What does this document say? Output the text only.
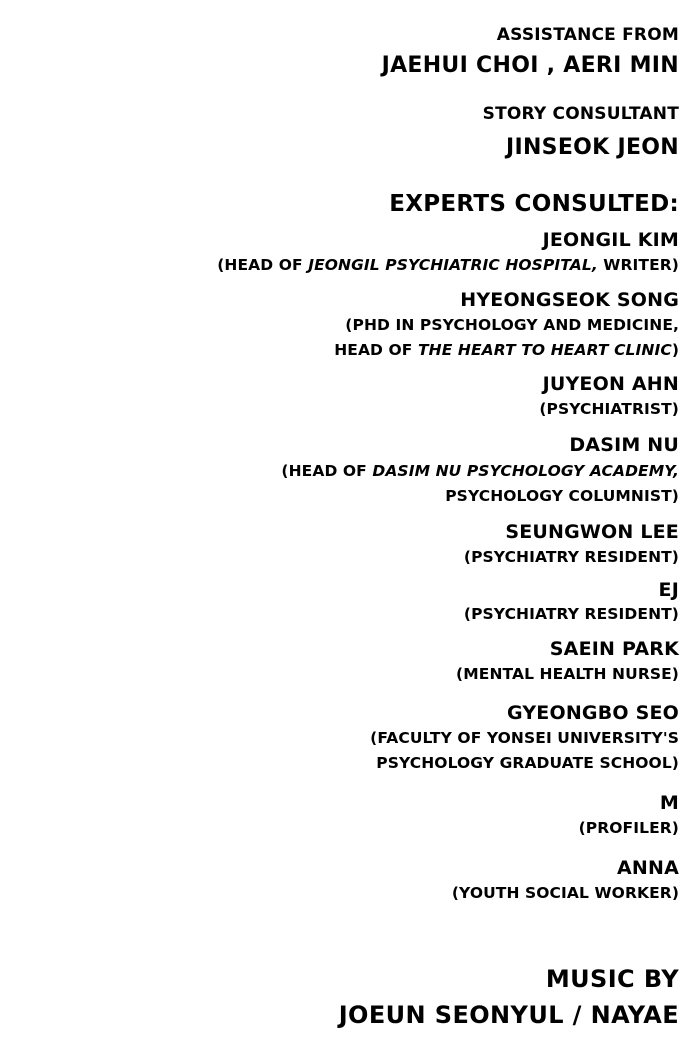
ASSISTANCE FROM
JAEHUI CHOI , AERI MIN
STORY CONSULTANT
JINSEOK JEON
EXPERTS CONSULTED:
JEONGIL KIM
(HEAD OF JEONGIL PSYCHIATRIC HOSPITAL, WRITER)
HYEONGSEOK SONG
(PHD IN PSYCHOLOGY AND MEDICINE,
HEAD OF THE HEART TO HEART CLINIC)
JUYEON AHN
(PSYCHIATRIST)
DASIM NU
(HEAD OF DASIM NU PSYCHOLOGY ACADEMY,
PSYCHOLOGY COLUMNIST)
SEUNGWON LEE
(PSYCHIATRY RESIDENT)
EJ
(PSYCHIATRY RESIDENT)
SAEIN PARK
(MENTAL HEALTH NURSE)
GYEONGBO SEO
(FACULTY OF YONSEI UNIVERSITY'S
PSYCHOLOGY GRADUATE SCHOOL)
M
(PROFILER)
ANNA
(YOUTH SOCIAL WORKER)
MUSIC BY
JOEUN SEONYUL / NAYAE
